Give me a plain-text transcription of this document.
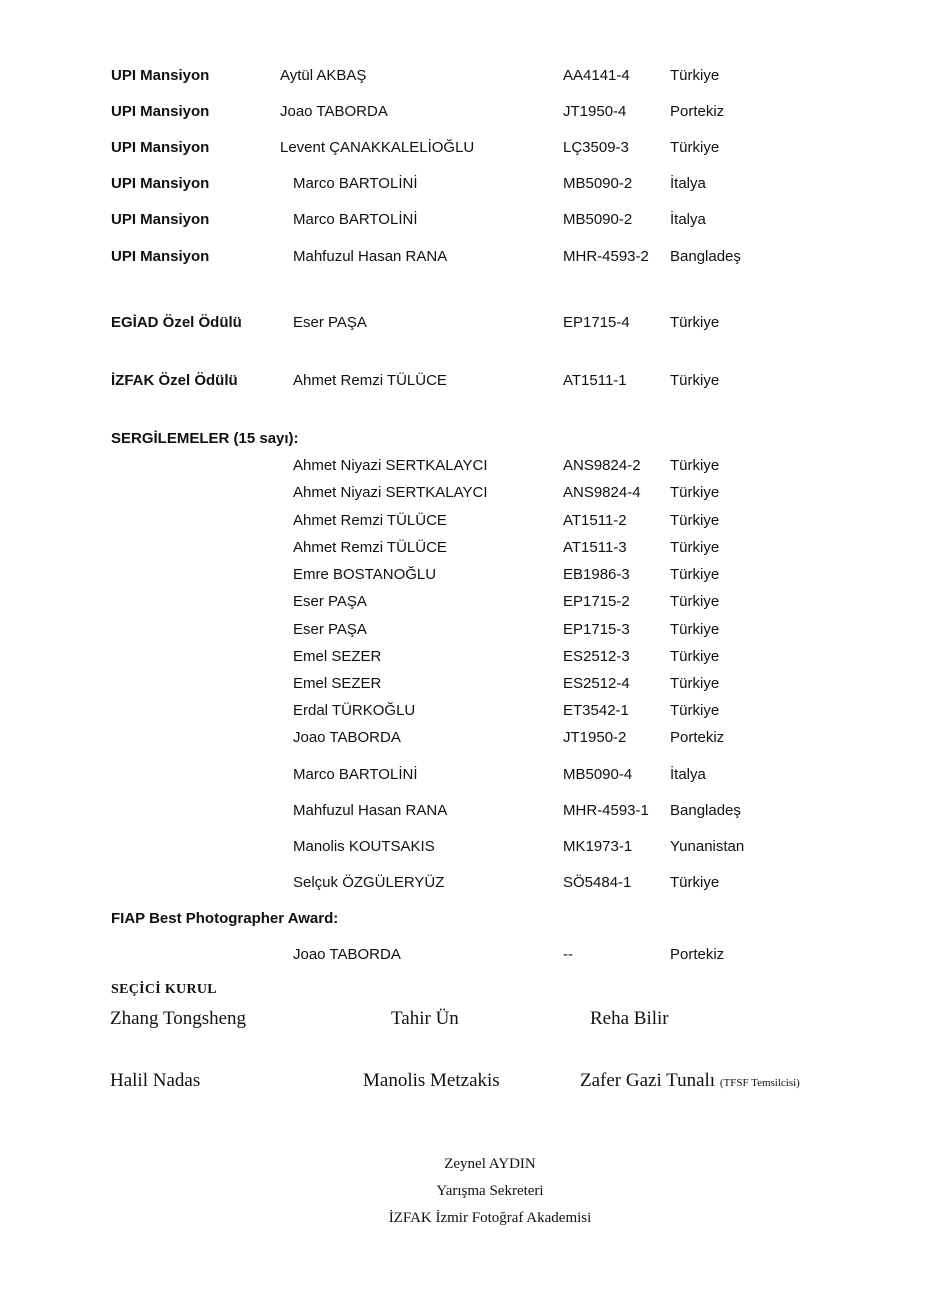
UPI Mansiyon	Aytül AKBAŞ	AA4141-4	Türkiye
UPI Mansiyon	Joao TABORDA	JT1950-4	Portekiz
UPI Mansiyon	Levent ÇANAKKALELİOĞLU	LÇ3509-3	Türkiye
UPI Mansiyon	Marco BARTOLİNİ	MB5090-2	İtalya
UPI Mansiyon	Marco BARTOLİNİ	MB5090-2	İtalya
UPI Mansiyon	Mahfuzul Hasan RANA	MHR-4593-2 Bangladeş
EGİAD Özel Ödülü	Eser PAŞA	EP1715-4	Türkiye
İZFAK Özel Ödülü	Ahmet Remzi TÜLÜCE	AT1511-1	Türkiye
SERGİLEMELER (15 sayı):
Ahmet Niyazi SERTKALAYCI	ANS9824-2 Türkiye
Ahmet Niyazi SERTKALAYCI	ANS9824-4 Türkiye
Ahmet Remzi TÜLÜCE	AT1511-2	Türkiye
Ahmet Remzi TÜLÜCE	AT1511-3	Türkiye
Emre BOSTANOĞLU	EB1986-3	Türkiye
Eser PAŞA	EP1715-2	Türkiye
Eser PAŞA	EP1715-3	Türkiye
Emel SEZER	ES2512-3	Türkiye
Emel SEZER	ES2512-4	Türkiye
Erdal TÜRKOĞLU	ET3542-1	Türkiye
Joao TABORDA	JT1950-2	Portekiz
Marco BARTOLİNİ	MB5090-4	İtalya
Mahfuzul Hasan RANA	MHR-4593-1 Bangladeş
Manolis KOUTSAKIS	MK1973-1	Yunanistan
Selçuk ÖZGÜLERYÜZ	SÖ5484-1	Türkiye
FIAP Best Photographer Award:
Joao TABORDA	--	Portekiz
SEÇİCİ KURUL
Zhang Tongsheng	Tahir Ün	Reha Bilir
Halil Nadas	Manolis Metzakis	Zafer Gazi Tunalı (TFSF Temsilcisi)
Zeynel AYDIN
Yarışma Sekreteri
İZFAK İzmir Fotoğraf Akademisi
